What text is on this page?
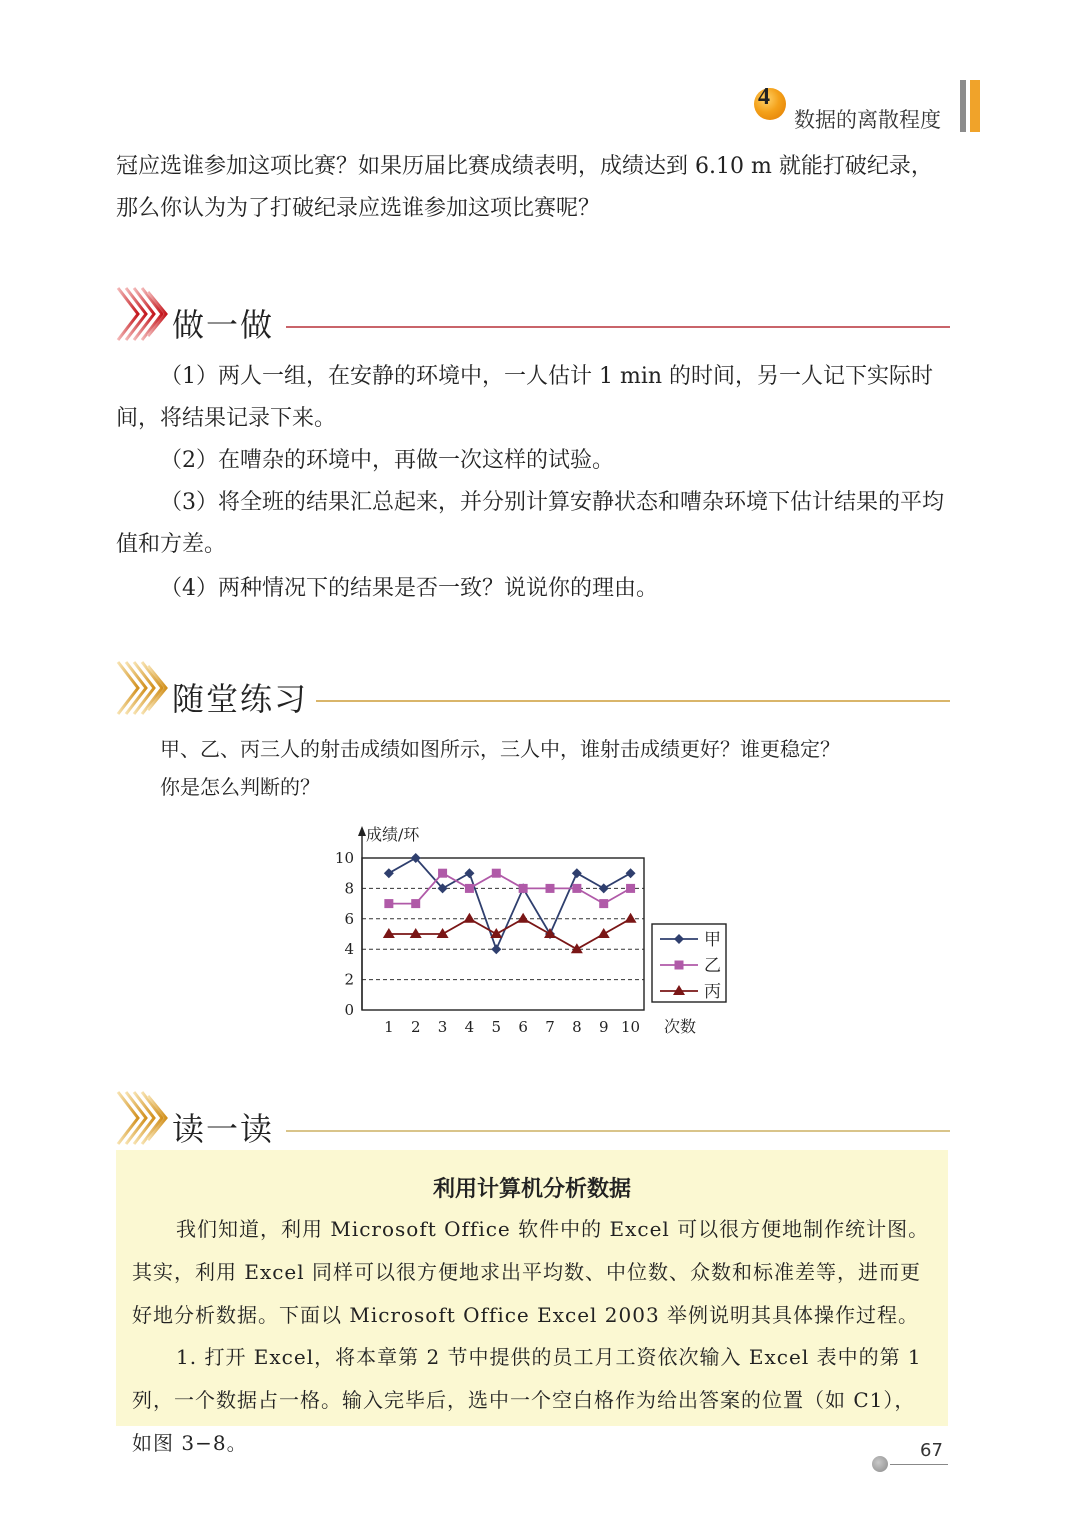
4
数据的离散程度

冠应选谁参加这项比赛？如果历届比赛成绩表明，成绩达到 6.10 m 就能打破纪录，那么你认为为了打破纪录应选谁参加这项比赛呢？

做一做

（1）两人一组，在安静的环境中，一人估计 1 min 的时间，另一人记下实际时间，将结果记录下来。

（2）在嘈杂的环境中，再做一次这样的试验。

（3）将全班的结果汇总起来，并分别计算安静状态和嘈杂环境下估计结果的平均值和方差。

（4）两种情况下的结果是否一致？说说你的理由。

随堂练习

甲、乙、丙三人的射击成绩如图所示，三人中，谁射击成绩更好？谁更稳定？

你是怎么判断的？

成绩/环
0
2
4
6
8
10
1 2 3 4 5 6 7 8 9 10 次数
甲
乙
丙
读一读
利用计算机分析数据

我们知道，利用 Microsoft Office 软件中的 Excel 可以很方便地制作统计图。其实，利用 Excel 同样可以很方便地求出平均数、中位数、众数和标准差等，进而更好地分析数据。下面以 Microsoft Office Excel 2003 举例说明其具体操作过程。

1. 打开 Excel，将本章第 2 节中提供的员工月工资依次输入 Excel 表中的第 1 列，一个数据占一格。输入完毕后，选中一个空白格作为给出答案的位置（如 C1），如图 3−8。	67
